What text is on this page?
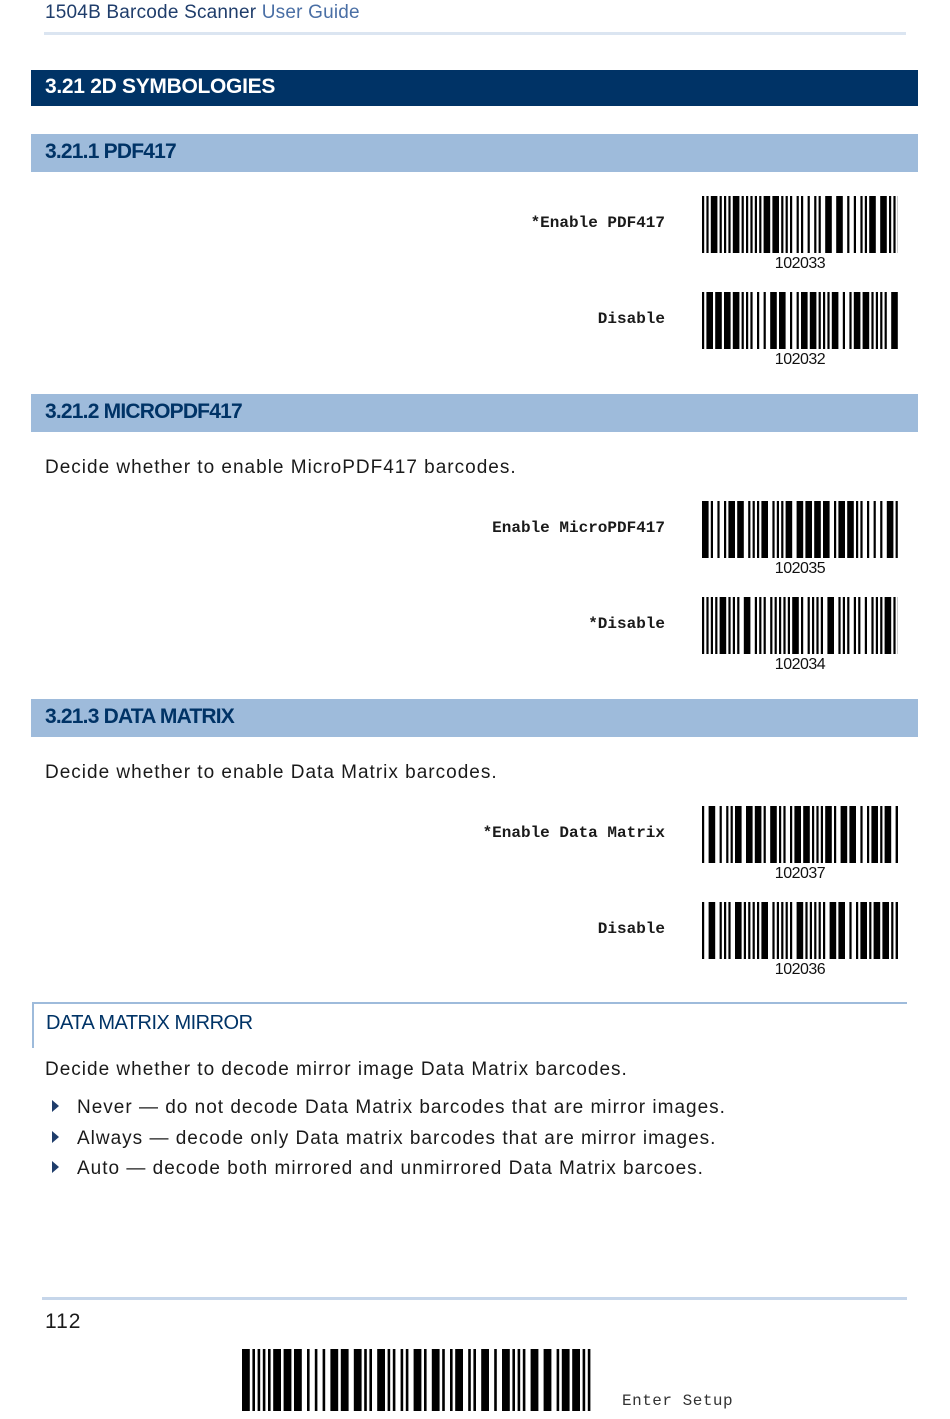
1504B Barcode Scanner User Guide
3.21 2D SYMBOLOGIES
3.21.1 PDF417
*Enable PDF417
102033
Disable
102032
3.21.2 MICROPDF417
Decide whether to enable MicroPDF417 barcodes.
Enable MicroPDF417
102035
*Disable
102034
3.21.3 DATA MATRIX
Decide whether to enable Data Matrix barcodes.
*Enable Data Matrix
102037
Disable
102036
DATA MATRIX MIRROR
Decide whether to decode mirror image Data Matrix barcodes.
Never — do not decode Data Matrix barcodes that are mirror images.
Always — decode only Data matrix barcodes that are mirror images.
Auto — decode both mirrored and unmirrored Data Matrix barcoes.
112
Enter Setup
